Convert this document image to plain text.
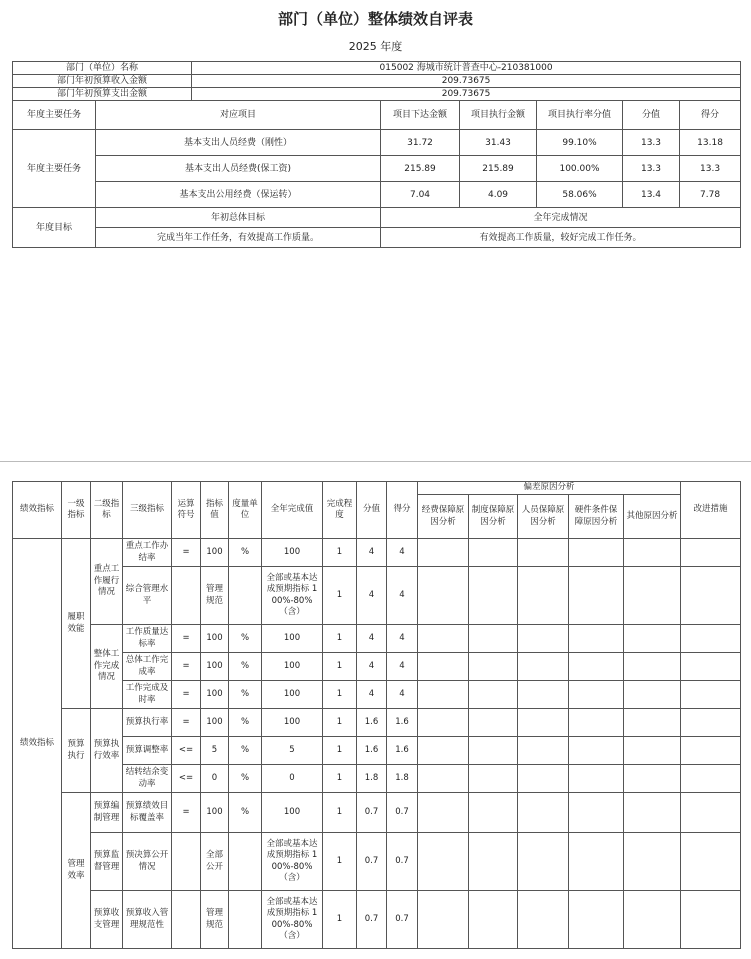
部门（单位）整体绩效自评表
2025 年度
部门（单位）名称		015002 海城市统计普查中心-210381000					
部门年初预算收入金额		209.73675					
部门年初预算支出金额		209.73675					
年度主要任务	对应项目		项目下达金额	项目执行金额	项目执行率分值	分值	得分
年度主要任务	基本支出人员经费（刚性）		31.72	31.43	99.10%	13.3	13.18
	基本支出人员经费(保工资)		215.89	215.89	100.00%	13.3	13.3
	基本支出公用经费（保运转）		7.04	4.09	58.06%	13.4	7.78
年度目标	年初总体目标		全年完成情况				
	完成当年工作任务，有效提高工作质量。		有效提高工作质量，较好完成工作任务。				
绩效指标	一级指标	二级指标	三级指标	运算符号	指标值	度量单位	全年完成值	完成程度	分值	得分	偏差原因分析					改进措施
											经费保障原因分析	制度保障原因分析	人员保障原因分析	硬件条件保障原因分析	其他原因分析	
绩效指标	履职效能	重点工作履行情况	重点工作办结率	=	100	%	100	1	4	4						
			综合管理水平		管理规范		全部或基本达成预期指标 100%-80%（含）	1	4	4						
		整体工作完成情况	工作质量达标率	=	100	%	100	1	4	4						
			总体工作完成率	=	100	%	100	1	4	4						
			工作完成及时率	=	100	%	100	1	4	4						
	预算执行	预算执行效率	预算执行率	=	100	%	100	1	1.6	1.6						
			预算调整率	<=	5	%	5	1	1.6	1.6						
			结转结余变动率	<=	0	%	0	1	1.8	1.8						
	管理效率	预算编制管理	预算绩效目标覆盖率	=	100	%	100	1	0.7	0.7						
		预算监督管理	预决算公开情况		全部公开		全部或基本达成预期指标 100%-80%（含）	1	0.7	0.7						
		预算收支管理	预算收入管理规范性		管理规范		全部或基本达成预期指标 100%-80%（含）	1	0.7	0.7						
